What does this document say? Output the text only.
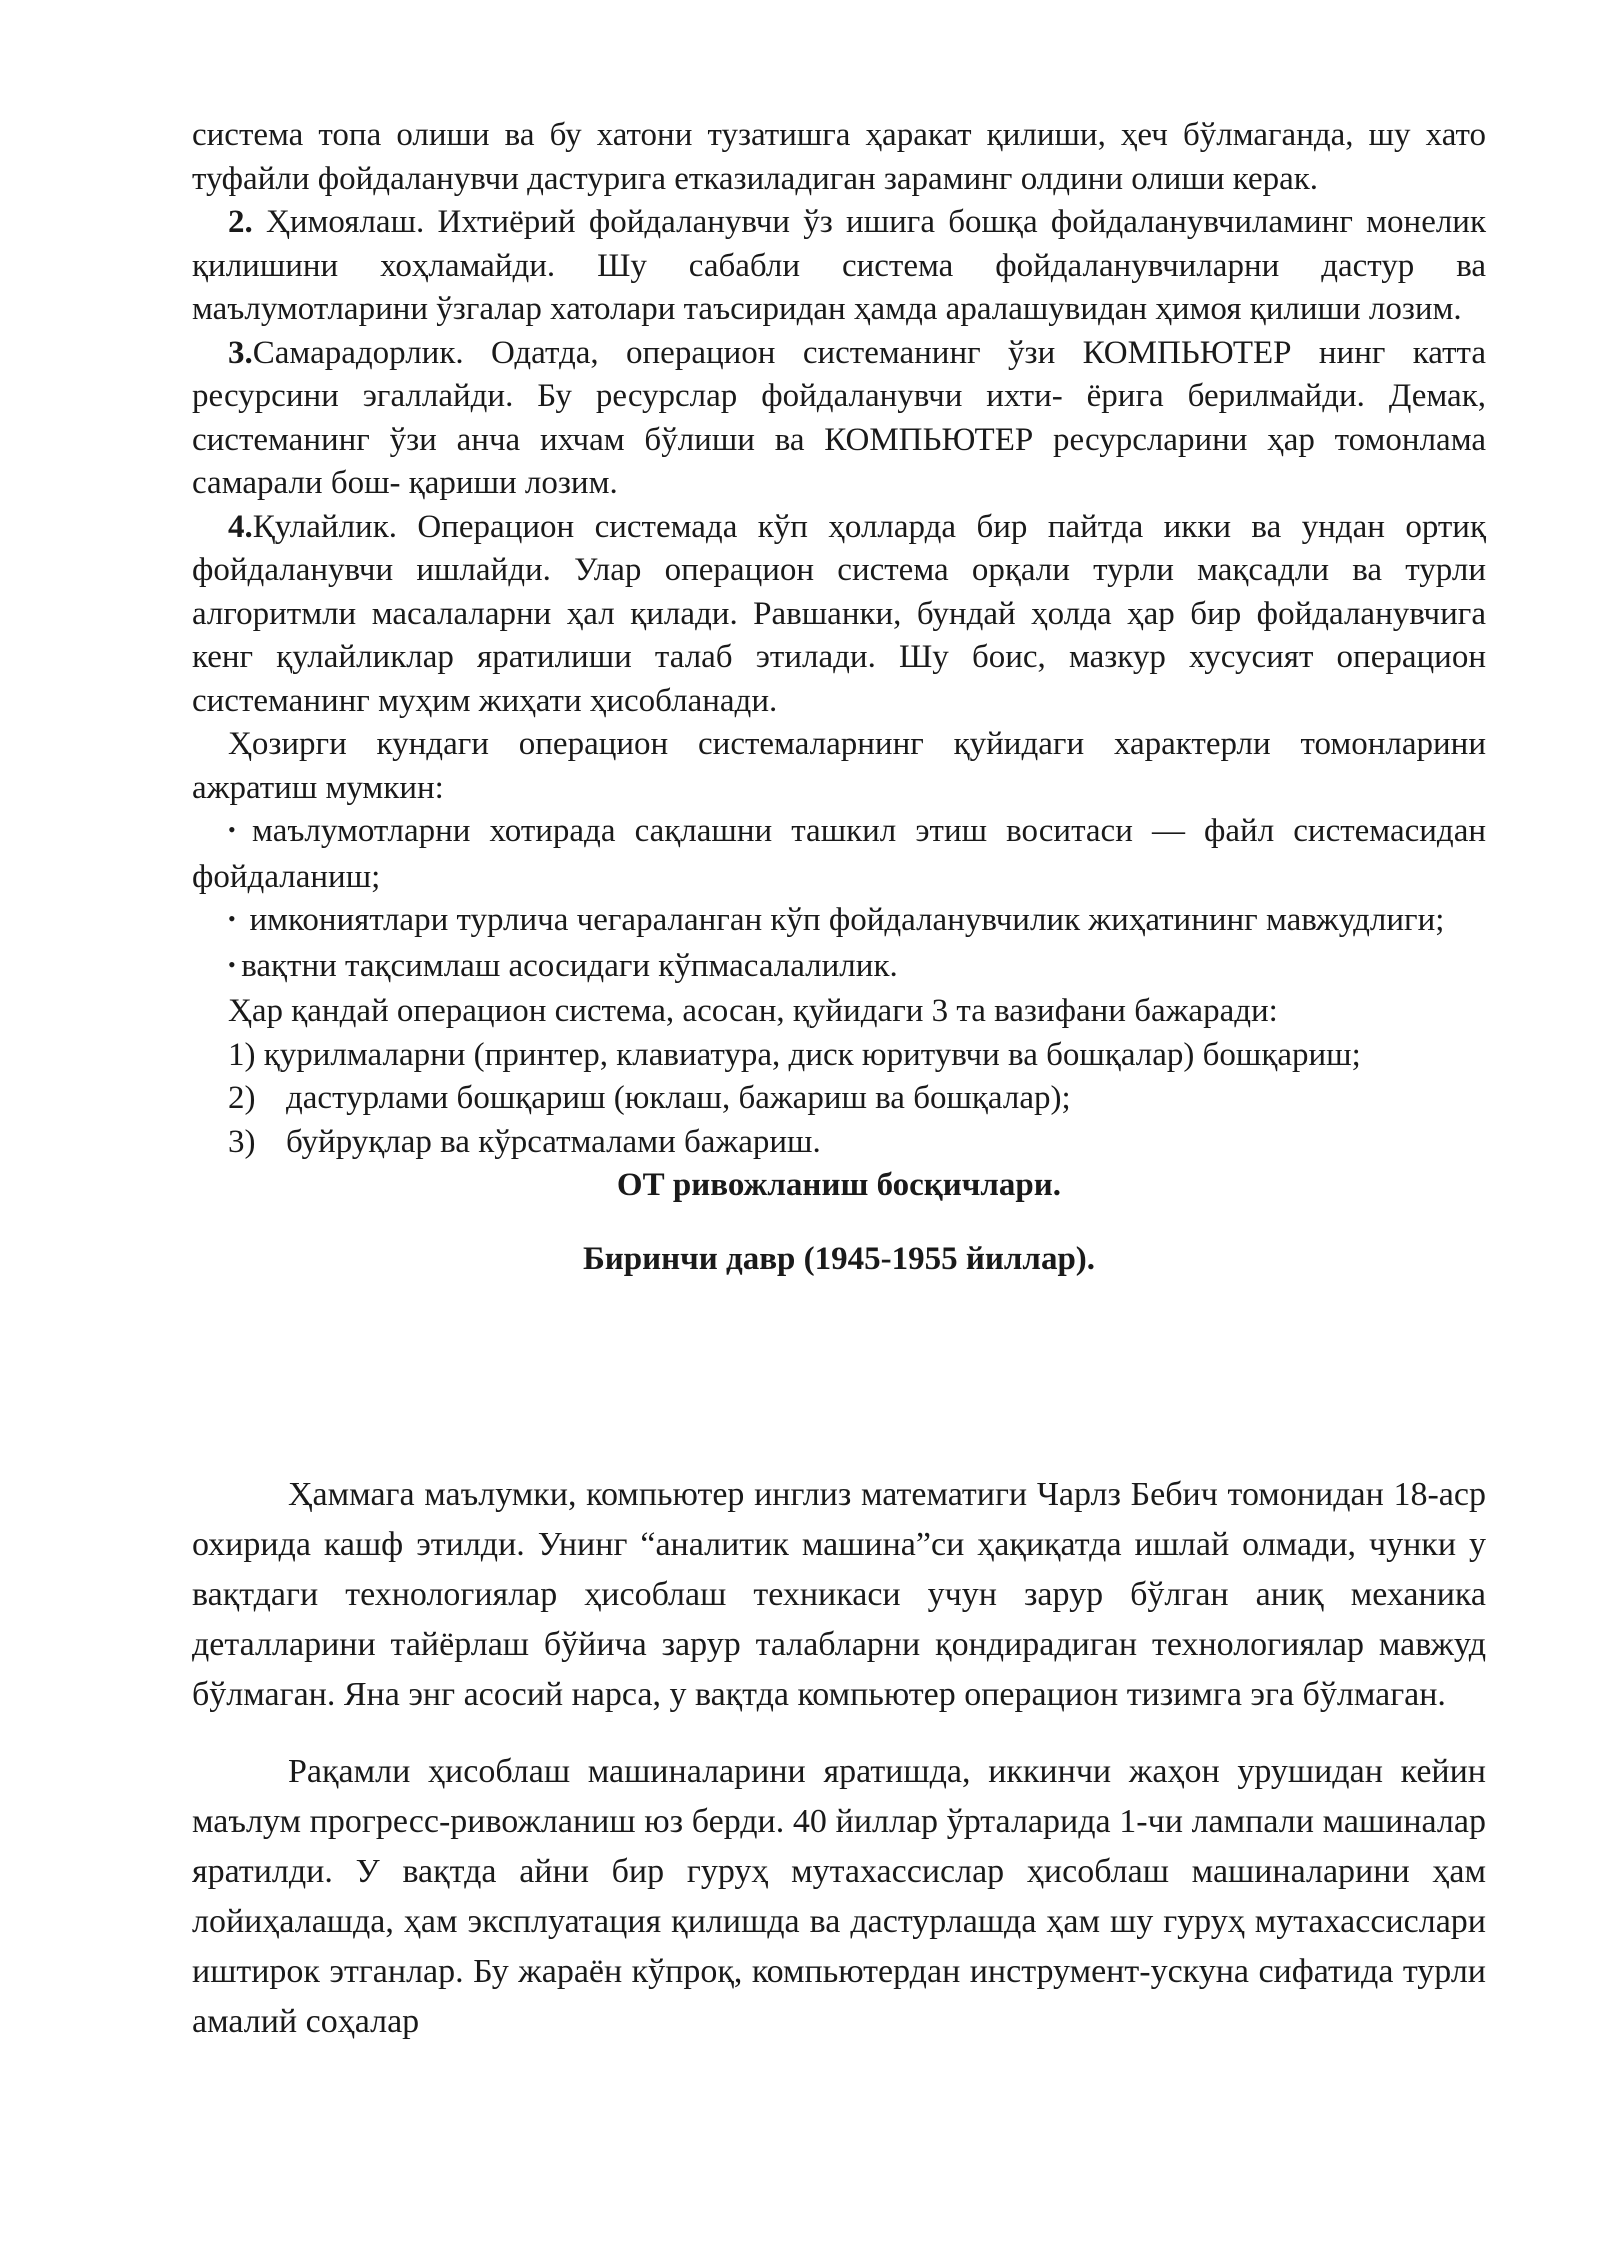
система топа олиши ва бу хатони тузатишга ҳаракат қилиши, ҳеч бўлмаганда, шу хато туфайли фойдаланувчи дастурига етказиладиган зараминг олдини олиши керак.

2. Ҳимоялаш. Ихтиёрий фойдаланувчи ўз ишига бошқа фойдаланувчиламинг монелик қилишини хоҳламайди. Шу сабабли система фойдаланувчиларни дастур ва маълумотларини ўзгалар хатолари таъсиридан ҳамда аралашувидан ҳимоя қилиши лозим.

3.Самарадорлик. Одатда, операцион системанинг ўзи КОМПЬЮТЕР нинг катта ресурсини эгаллайди. Бу ресурслар фойдаланувчи ихти- ёрига берилмайди. Демак, системанинг ўзи анча ихчам бўлиши ва КОМПЬЮТЕР ресурсларини ҳар томонлама самарали бош- қариши лозим.

4.Қулайлик. Операцион системада кўп ҳолларда бир пайтда икки ва ундан ортиқ фойдаланувчи ишлайди. Улар операцион система орқали турли мақсадли ва турли алгоритмли масалаларни ҳал қилади. Равшанки, бундай ҳолда ҳар бир фойдаланувчига кенг қулайликлар яратилиши талаб этилади. Шу боис, мазкур хусусият операцион системанинг муҳим жиҳати ҳисобланади.

Ҳозирги кундаги операцион системаларнинг қуйидаги характерли томонларини ажратиш мумкин:

• маълумотларни хотирада сақлашни ташкил этиш воситаси — файл системасидан фойдаланиш;

•  имкониятлари турлича чегараланган кўп фойдаланувчилик жиҳатининг мавжудлиги;

• вақтни тақсимлаш асосидаги кўпмасалалилик.

Ҳар қандай операцион система, асосан, қуйидаги 3 та вазифани бажаради:

1) қурилмаларни (принтер, клавиатура, диск юритувчи ва бошқалар) бошқариш;

2) дастурлами бошқариш (юклаш, бажариш ва бошқалар);

3) буйруқлар ва кўрсатмалами бажариш.

ОТ ривожланиш босқичлари.

Биринчи давр (1945-1955 йиллар).

Ҳаммага маълумки, компьютер инглиз математиги Чарлз Бебич томонидан 18-аср охирида кашф этилди. Унинг “аналитик машина”си ҳақиқатда ишлай олмади, чунки у вақтдаги технологиялар ҳисоблаш техникаси учун зарур бўлган аниқ механика деталларини тайёрлаш бўйича зарур талабларни қондирадиган технологиялар мавжуд бўлмаган. Яна энг асосий нарса, у вақтда компьютер операцион тизимга эга бўлмаган.

Рақамли ҳисоблаш машиналарини яратишда, иккинчи жаҳон урушидан кейин маълум прогресс-ривожланиш юз берди. 40 йиллар ўрталарида 1-чи лампали машиналар яратилди. У вақтда айни бир гуруҳ мутахассислар ҳисоблаш машиналарини ҳам лойиҳалашда, ҳам эксплуатация қилишда ва дастурлашда ҳам шу гуруҳ мутахассислари иштирок этганлар. Бу жараён кўпроқ, компьютердан инструмент-ускуна сифатида турли амалий соҳалар
